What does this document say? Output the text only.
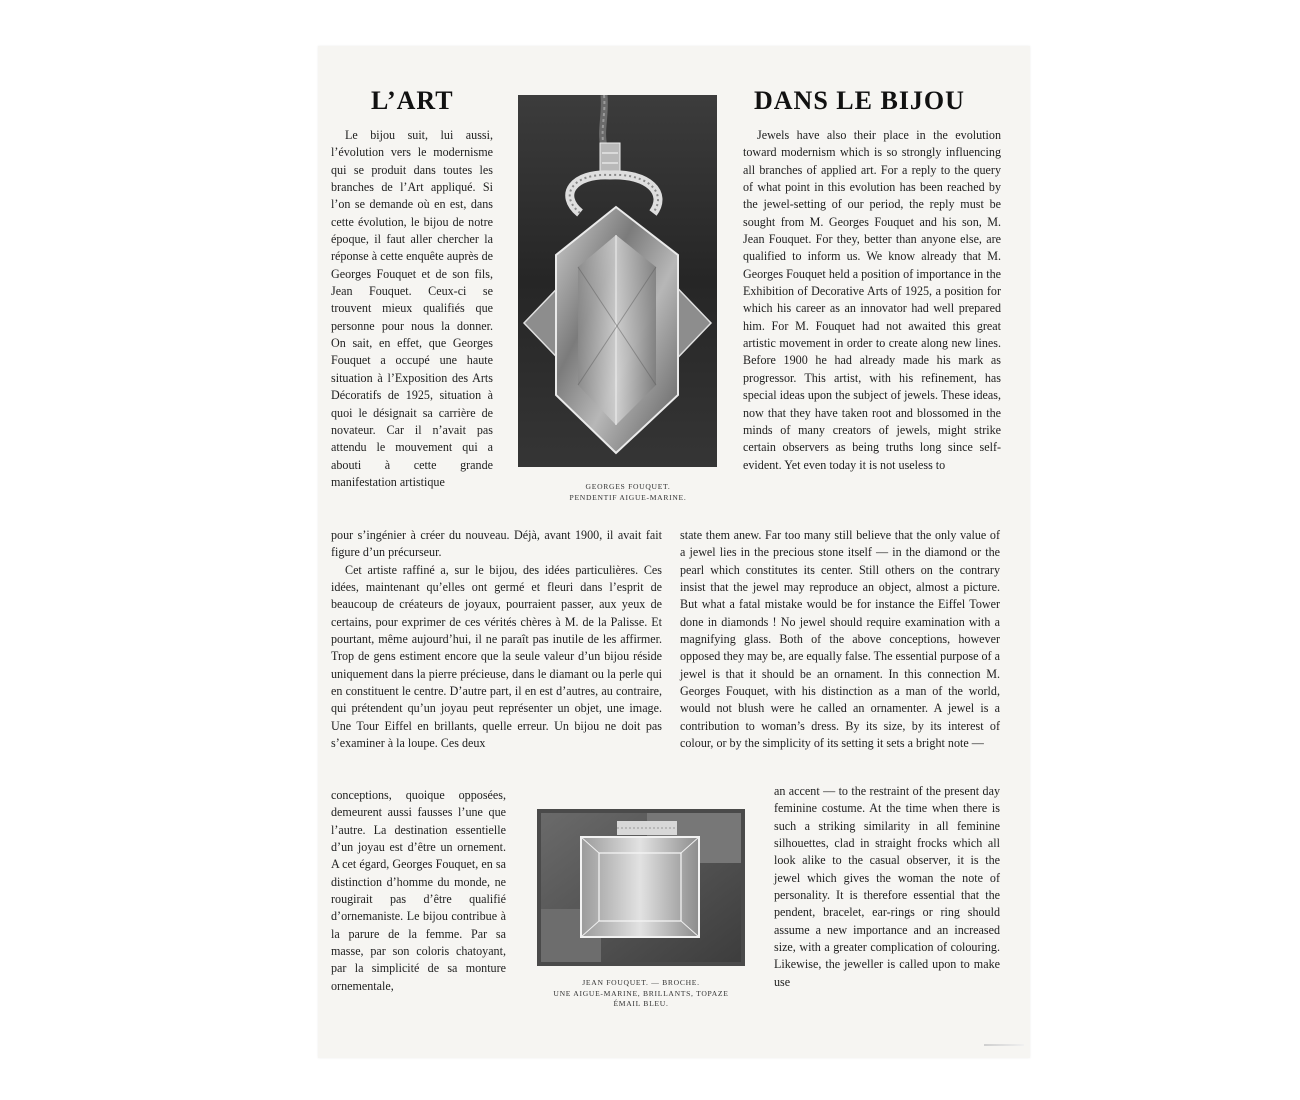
L’ART	DANS LE BIJOU
GEORGES FOUQUET.
PENDENTIF AIGUE-MARINE.
JEAN FOUQUET. — BROCHE.
UNE AIGUE-MARINE, BRILLANTS, TOPAZE
ÉMAIL BLEU.

Le bijou suit, lui aussi, l’évolution vers le modernisme qui se produit dans toutes les branches de l’Art appliqué. Si l’on se demande où en est, dans cette évolution, le bijou de notre époque, il faut aller chercher la réponse à cette enquête auprès de Georges Fouquet et de son fils, Jean Fouquet. Ceux-ci se trouvent mieux qualifiés que personne pour nous la donner. On sait, en effet, que Georges Fouquet a occupé une haute situation à l’Exposition des Arts Décoratifs de 1925, situation à quoi le désignait sa carrière de novateur. Car il n’avait pas attendu le mouvement qui a abouti à cette grande manifestation artistique

pour s’ingénier à créer du nouveau. Déjà, avant 1900, il avait fait figure d’un précurseur.

Cet artiste raffiné a, sur le bijou, des idées particulières. Ces idées, maintenant qu’elles ont germé et fleuri dans l’esprit de beaucoup de créateurs de joyaux, pourraient passer, aux yeux de certains, pour exprimer de ces vérités chères à M. de la Palisse. Et pourtant, même aujourd’hui, il ne paraît pas inutile de les affirmer. Trop de gens estiment encore que la seule valeur d’un bijou réside uniquement dans la pierre précieuse, dans le diamant ou la perle qui en constituent le centre. D’autre part, il en est d’autres, au contraire, qui prétendent qu’un joyau peut représenter un objet, une image. Une Tour Eiffel en brillants, quelle erreur. Un bijou ne doit pas s’examiner à la loupe. Ces deux

conceptions, quoique opposées, demeurent aussi fausses l’une que l’autre. La destination essentielle d’un joyau est d’être un ornement. A cet égard, Georges Fouquet, en sa distinction d’homme du monde, ne rougirait pas d’être qualifié d’ornemaniste. Le bijou contribue à la parure de la femme. Par sa masse, par son coloris chatoyant, par la simplicité de sa monture ornementale,

Jewels have also their place in the evolution toward modernism which is so strongly influencing all branches of applied art. For a reply to the query of what point in this evolution has been reached by the jewel-setting of our period, the reply must be sought from M. Georges Fouquet and his son, M. Jean Fouquet. For they, better than anyone else, are qualified to inform us. We know already that M. Georges Fouquet held a position of importance in the Exhibition of Decorative Arts of 1925, a position for which his career as an innovator had well prepared him. For M. Fouquet had not awaited this great artistic movement in order to create along new lines. Before 1900 he had already made his mark as progressor. This artist, with his refinement, has special ideas upon the subject of jewels. These ideas, now that they have taken root and blossomed in the minds of many creators of jewels, might strike certain observers as being truths long since self-evident. Yet even today it is not useless to

state them anew. Far too many still believe that the only value of a jewel lies in the precious stone itself — in the diamond or the pearl which constitutes its center. Still others on the contrary insist that the jewel may reproduce an object, almost a picture. But what a fatal mistake would be for instance the Eiffel Tower done in diamonds ! No jewel should require examination with a magnifying glass. Both of the above conceptions, however opposed they may be, are equally false. The essential purpose of a jewel is that it should be an ornament. In this connection M. Georges Fouquet, with his distinction as a man of the world, would not blush were he called an ornamenter. A jewel is a contribution to woman’s dress. By its size, by its interest of colour, or by the simplicity of its setting it sets a bright note —

an accent — to the restraint of the present day feminine costume. At the time when there is such a striking similarity in all feminine silhouettes, clad in straight frocks which all look alike to the casual observer, it is the jewel which gives the woman the note of personality. It is therefore essential that the pendent, bracelet, ear-rings or ring should assume a new importance and an increased size, with a greater complication of colouring. Likewise, the jeweller is called upon to make use
